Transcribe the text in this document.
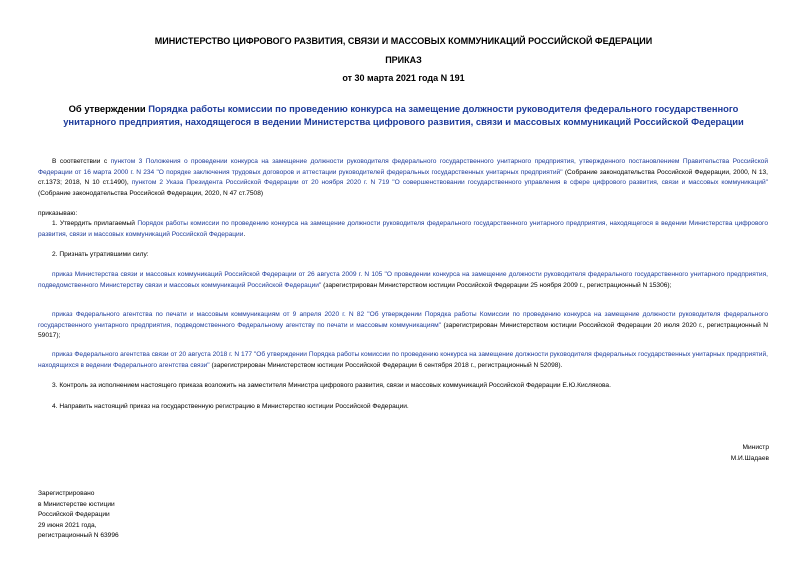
МИНИСТЕРСТВО ЦИФРОВОГО РАЗВИТИЯ, СВЯЗИ И МАССОВЫХ КОММУНИКАЦИЙ РОССИЙСКОЙ ФЕДЕРАЦИИ
ПРИКАЗ
от 30 марта 2021 года N 191
Об утверждении Порядка работы комиссии по проведению конкурса на замещение должности руководителя федерального государственного унитарного предприятия, находящегося в ведении Министерства цифрового развития, связи и массовых коммуникаций Российской Федерации
В соответствии с пунктом 3 Положения о проведении конкурса на замещение должности руководителя федерального государственного унитарного предприятия, утвержденного постановлением Правительства Российской Федерации от 16 марта 2000 г. N 234 "О порядке заключения трудовых договоров и аттестации руководителей федеральных государственных унитарных предприятий" (Собрание законодательства Российской Федерации, 2000, N 13, ст.1373; 2018, N 10 ст.1490), пунктом 2 Указа Президента Российской Федерации от 20 ноября 2020 г. N 719 "О совершенствовании государственного управления в сфере цифрового развития, связи и массовых коммуникаций" (Собрание законодательства Российской Федерации, 2020, N 47 ст.7508)
приказываю:
1. Утвердить прилагаемый Порядок работы комиссии по проведению конкурса на замещение должности руководителя федерального государственного унитарного предприятия, находящегося в ведении Министерства цифрового развития, связи и массовых коммуникаций Российской Федерации.
2. Признать утратившими силу:
приказ Министерства связи и массовых коммуникаций Российской Федерации от 26 августа 2009 г. N 105 "О проведении конкурса на замещение должности руководителя федерального государственного унитарного предприятия, подведомственного Министерству связи и массовых коммуникаций Российской Федерации" (зарегистрирован Министерством юстиции Российской Федерации 25 ноября 2009 г., регистрационный N 15306);
приказ Федерального агентства по печати и массовым коммуникациям от 9 апреля 2020 г. N 82 "Об утверждении Порядка работы Комиссии по проведению конкурса на замещение должности руководителя федерального государственного унитарного предприятия, подведомственного Федеральному агентству по печати и массовым коммуникациям" (зарегистрирован Министерством юстиции Российской Федерации 20 июля 2020 г., регистрационный N 59017);
приказ Федерального агентства связи от 20 августа 2018 г. N 177 "Об утверждении Порядка работы комиссии по проведению конкурса на замещение должности руководителя федеральных государственных унитарных предприятий, находящихся в ведении Федерального агентства связи" (зарегистрирован Министерством юстиции Российской Федерации 6 сентября 2018 г., регистрационный N 52098).
3. Контроль за исполнением настоящего приказа возложить на заместителя Министра цифрового развития, связи и массовых коммуникаций Российской Федерации Е.Ю.Кислякова.
4. Направить настоящий приказ на государственную регистрацию в Министерство юстиции Российской Федерации.
Министр
М.И.Шадаев
Зарегистрировано
в Министерстве юстиции
Российской Федерации
29 июня 2021 года,
регистрационный N 63996
